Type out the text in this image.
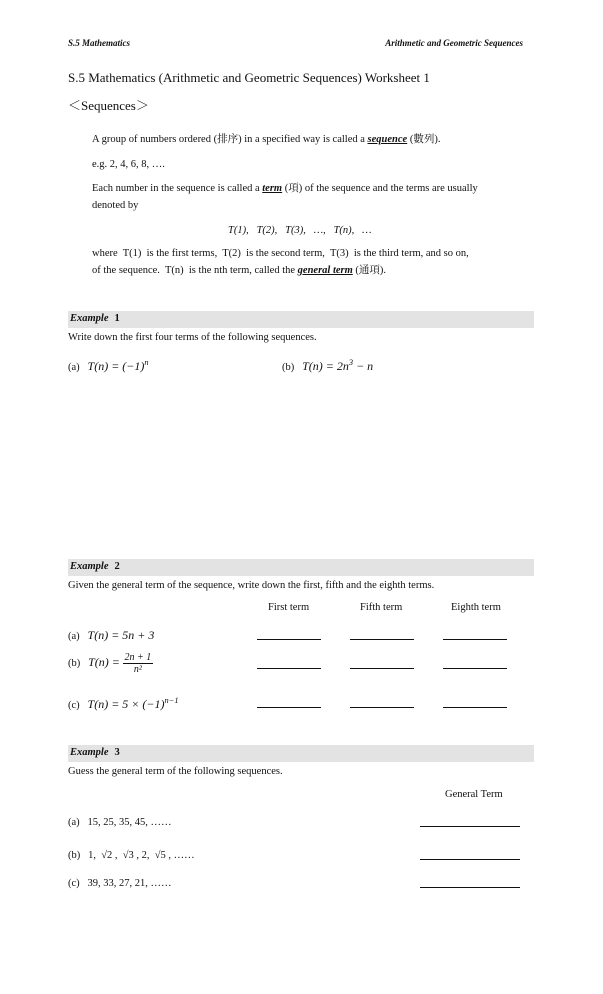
S.5 Mathematics	Arithmetic and Geometric Sequences
S.5 Mathematics (Arithmetic and Geometric Sequences) Worksheet 1
＜Sequences＞
A group of numbers ordered (排序) in a specified way is called a sequence (數列).
e.g. 2, 4, 6, 8, ….
Each number in the sequence is called a term (項) of the sequence and the terms are usually
denoted by
T(1),   T(2),   T(3),   …,   T(n),   …
where  T(1)  is the first terms,  T(2)  is the second term,  T(3)  is the third term, and so on,
of the sequence.  T(n)  is the nth term, called the general term (通項).
Example 1
Write down the first four terms of the following sequences.
(a) $T(n) = (-1)^n$	(b) $T(n) = 2n^3 - n$
Example 2
Given the general term of the sequence, write down the first, fifth and the eighth terms.
First term	Fifth term	Eighth term
(a) T(n) = 5n + 3
(b) $T(n) = \frac{2n + 1}{\text{n²}}$
(c) $T(n) = 5 \times (-1)^{n-1}$
Example 3
Guess the general term of the following sequences.
General Term
(a) 15, 25, 35, 45, ……
(b) 1,  √2 ,  √3 , 2,  √5 , ……
(c) 39, 33, 27, 21, ……
